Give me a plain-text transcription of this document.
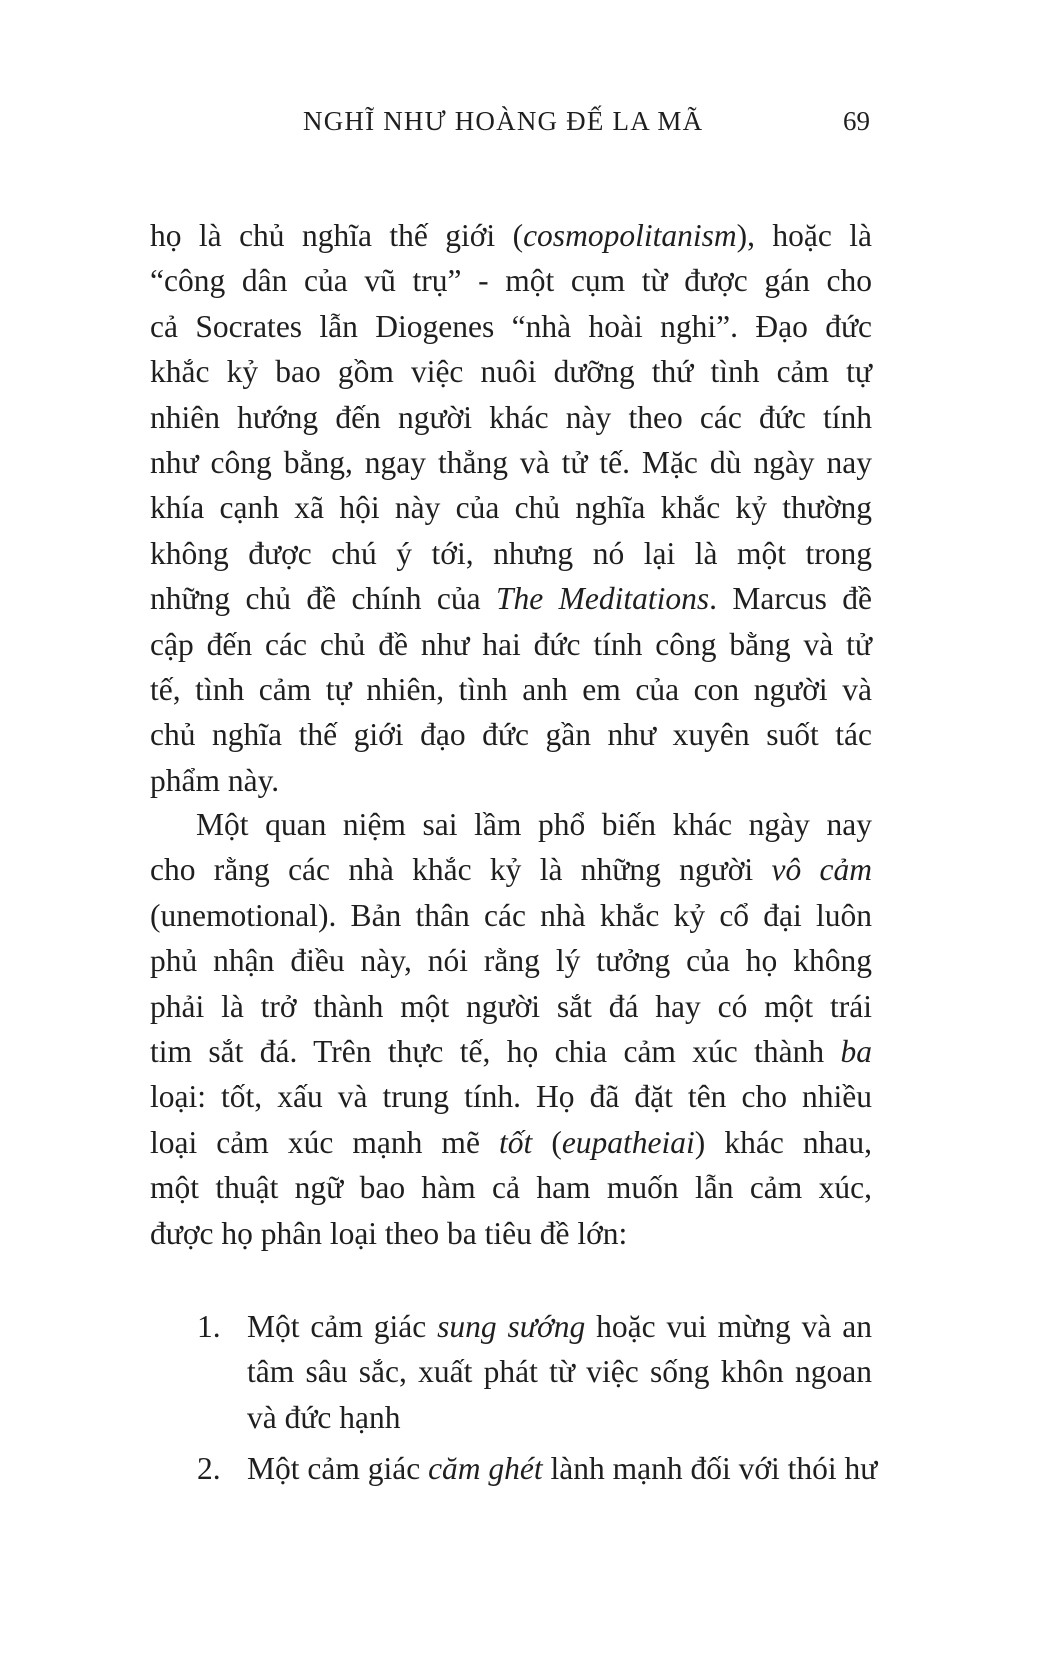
NGHĨ NHƯ HOÀNG ĐẾ LA MÃ	69
họ là chủ nghĩa thế giới (cosmopolitanism), hoặc là
“công dân của vũ trụ” - một cụm từ được gán cho
cả Socrates lẫn Diogenes “nhà hoài nghi”. Đạo đức
khắc kỷ bao gồm việc nuôi dưỡng thứ tình cảm tự
nhiên hướng đến người khác này theo các đức tính
như công bằng, ngay thẳng và tử tế. Mặc dù ngày nay
khía cạnh xã hội này của chủ nghĩa khắc kỷ thường
không được chú ý tới, nhưng nó lại là một trong
những chủ đề chính của The Meditations. Marcus đề
cập đến các chủ đề như hai đức tính công bằng và tử
tế, tình cảm tự nhiên, tình anh em của con người và
chủ nghĩa thế giới đạo đức gần như xuyên suốt tác
phẩm này.
Một quan niệm sai lầm phổ biến khác ngày nay
cho rằng các nhà khắc kỷ là những người vô cảm
(unemotional). Bản thân các nhà khắc kỷ cổ đại luôn
phủ nhận điều này, nói rằng lý tưởng của họ không
phải là trở thành một người sắt đá hay có một trái
tim sắt đá. Trên thực tế, họ chia cảm xúc thành ba
loại: tốt, xấu và trung tính. Họ đã đặt tên cho nhiều
loại cảm xúc mạnh mẽ tốt (eupatheiai) khác nhau,
một thuật ngữ bao hàm cả ham muốn lẫn cảm xúc,
được họ phân loại theo ba tiêu đề lớn:
1. Một cảm giác sung sướng hoặc vui mừng và an
tâm sâu sắc, xuất phát từ việc sống khôn ngoan
và đức hạnh
2. Một cảm giác căm ghét lành mạnh đối với thói hư
